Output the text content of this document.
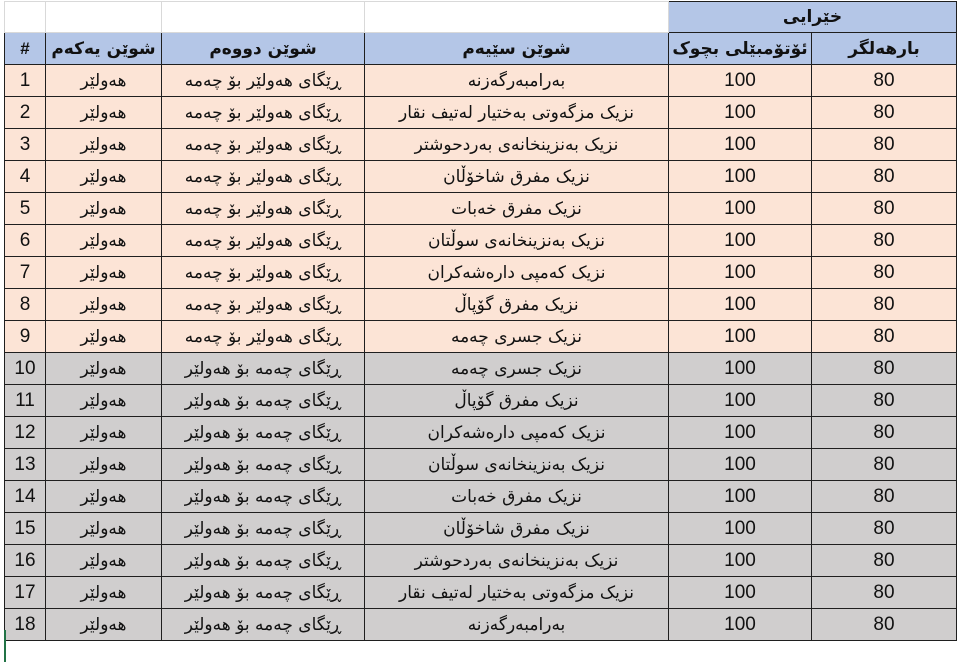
				خێرایی	
#	شوێن یەکەم	شوێن دووەم	شوێن سێیەم	ئۆتۆمبێلی بچوک	بارهەلگر
1	هەولێر	ڕێگای هەولێر بۆ چەمە	بەرامبەرگەزنە	100	80
2	هەولێر	ڕێگای هەولێر بۆ چەمە	نزیک مزگەوتی بەختیار لەتیف نقار	100	80
3	هەولێر	ڕێگای هەولێر بۆ چەمە	نزیک بەنزینخانەی بەردحوشتر	100	80
4	هەولێر	ڕێگای هەولێر بۆ چەمە	نزیک مفرق شاخۆڵان	100	80
5	هەولێر	ڕێگای هەولێر بۆ چەمە	نزیک مفرق خەبات	100	80
6	هەولێر	ڕێگای هەولێر بۆ چەمە	نزیک بەنزینخانەی سوڵتان	100	80
7	هەولێر	ڕێگای هەولێر بۆ چەمە	نزیک کەمپی دارەشەکران	100	80
8	هەولێر	ڕێگای هەولێر بۆ چەمە	نزیک مفرق گۆپاڵ	100	80
9	هەولێر	ڕێگای هەولێر بۆ چەمە	نزیک جسری چەمە	100	80
10	هەولێر	ڕێگای چەمە بۆ هەولێر	نزیک جسری چەمە	100	80
11	هەولێر	ڕێگای چەمە بۆ هەولێر	نزیک مفرق گۆپاڵ	100	80
12	هەولێر	ڕێگای چەمە بۆ هەولێر	نزیک کەمپی دارەشەکران	100	80
13	هەولێر	ڕێگای چەمە بۆ هەولێر	نزیک بەنزینخانەی سوڵتان	100	80
14	هەولێر	ڕێگای چەمە بۆ هەولێر	نزیک مفرق خەبات	100	80
15	هەولێر	ڕێگای چەمە بۆ هەولێر	نزیک مفرق شاخۆڵان	100	80
16	هەولێر	ڕێگای چەمە بۆ هەولێر	نزیک بەنزینخانەی بەردحوشتر	100	80
17	هەولێر	ڕێگای چەمە بۆ هەولێر	نزیک مزگەوتی بەختیار لەتیف نقار	100	80
18	هەولێر	ڕێگای چەمە بۆ هەولێر	بەرامبەرگەزنە	100	80
